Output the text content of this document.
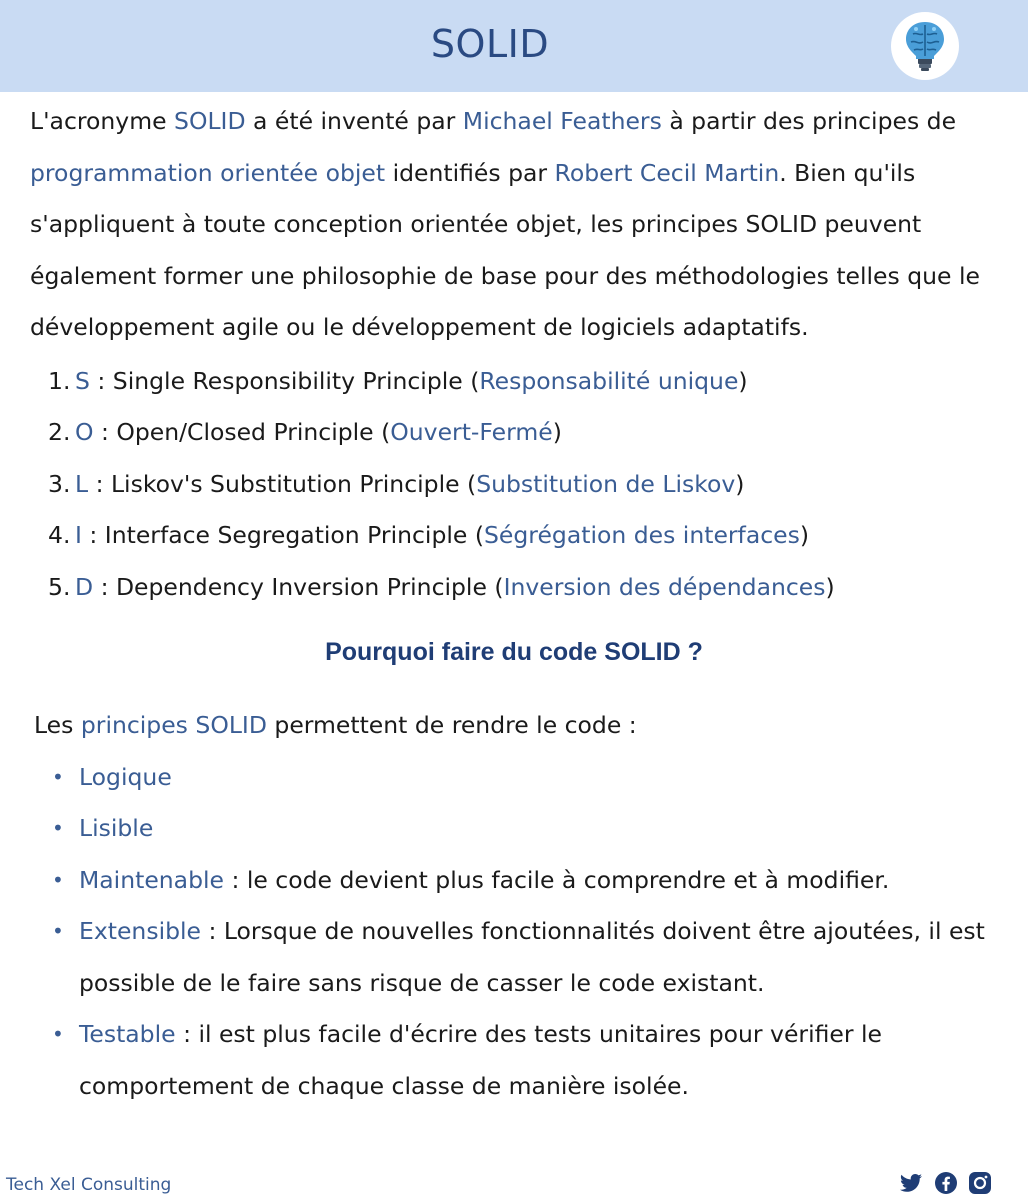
SOLID

L'acronyme SOLID a été inventé par Michael Feathers à partir des principes de programmation orientée objet identifiés par Robert Cecil Martin. Bien qu'ils s'appliquent à toute conception orientée objet, les principes SOLID peuvent également former une philosophie de base pour des méthodologies telles que le développement agile ou le développement de logiciels adaptatifs.

1. S : Single Responsibility Principle (Responsabilité unique)
2. O : Open/Closed Principle (Ouvert-Fermé)
3. L : Liskov's Substitution Principle (Substitution de Liskov)
4. I : Interface Segregation Principle (Ségrégation des interfaces)
5. D : Dependency Inversion Principle (Inversion des dépendances)
Pourquoi faire du code SOLID ?

Les principes SOLID permettent de rendre le code :

• Logique
• Lisible
• Maintenable : le code devient plus facile à comprendre et à modifier.
• Extensible : Lorsque de nouvelles fonctionnalités doivent être ajoutées, il est possible de le faire sans risque de casser le code existant.
• Testable : il est plus facile d'écrire des tests unitaires pour vérifier le comportement de chaque classe de manière isolée.
Tech Xel Consulting
